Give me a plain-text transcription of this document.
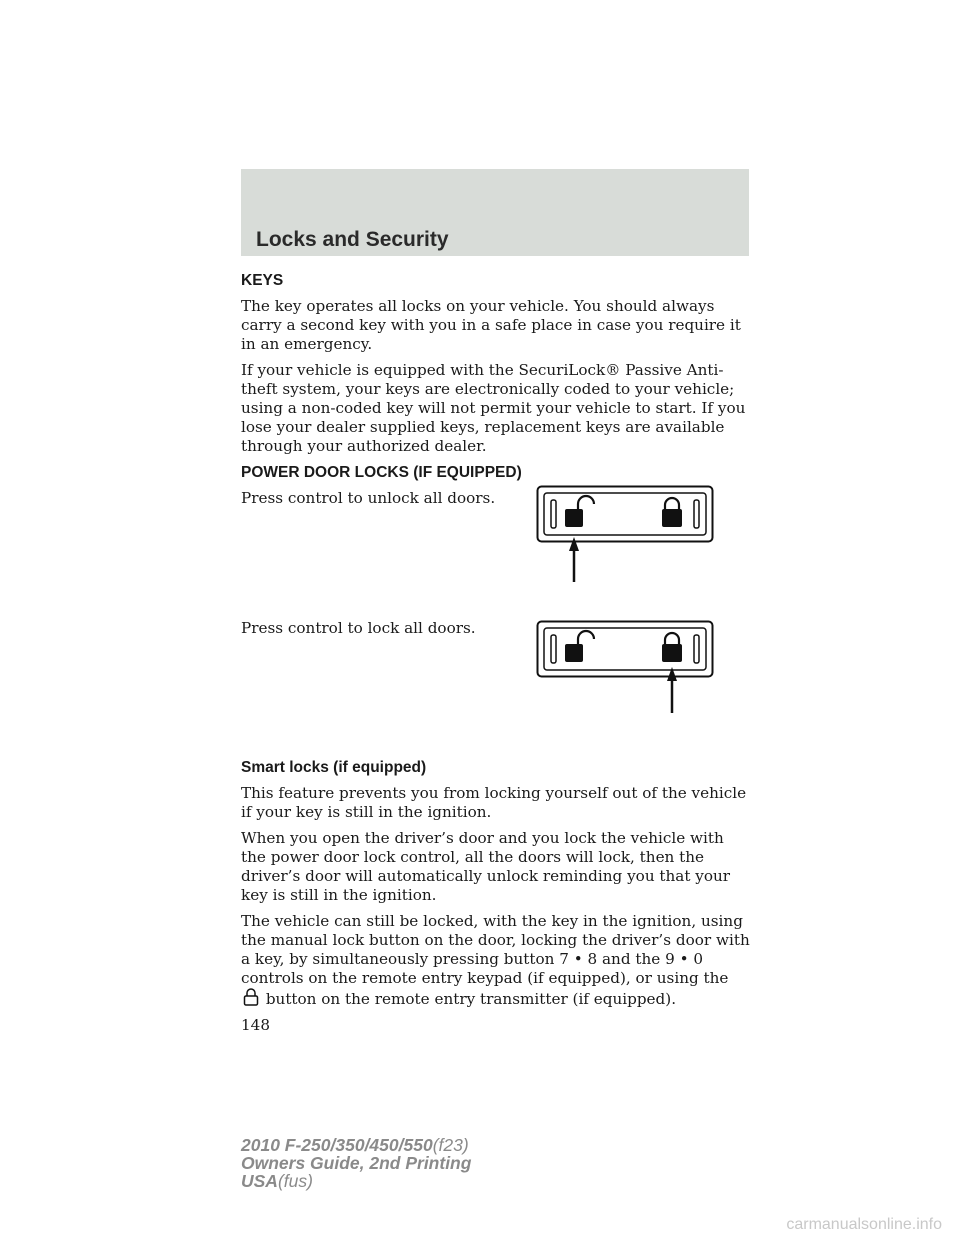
Locks and Security
KEYS
The key operates all locks on your vehicle. You should always carry a second key with you in a safe place in case you require it in an emergency.
If your vehicle is equipped with the SecuriLock® Passive Anti-theft system, your keys are electronically coded to your vehicle; using a non-coded key will not permit your vehicle to start. If you lose your dealer supplied keys, replacement keys are available through your authorized dealer.
POWER DOOR LOCKS (IF EQUIPPED)
Press control to unlock all doors.
Press control to lock all doors.
Smart locks (if equipped)
This feature prevents you from locking yourself out of the vehicle if your key is still in the ignition.
When you open the driver’s door and you lock the vehicle with the power door lock control, all the doors will lock, then the driver’s door will automatically unlock reminding you that your key is still in the ignition.
The vehicle can still be locked, with the key in the ignition, using the manual lock button on the door, locking the driver’s door with a key, by simultaneously pressing button 7 • 8 and the 9 • 0 controls on the remote entry keypad (if equipped), or using the  button on the remote entry transmitter (if equipped).
148
2010 F-250/350/450/550(f23)
Owners Guide, 2nd Printing
USA(fus)
carmanualsonline.info
